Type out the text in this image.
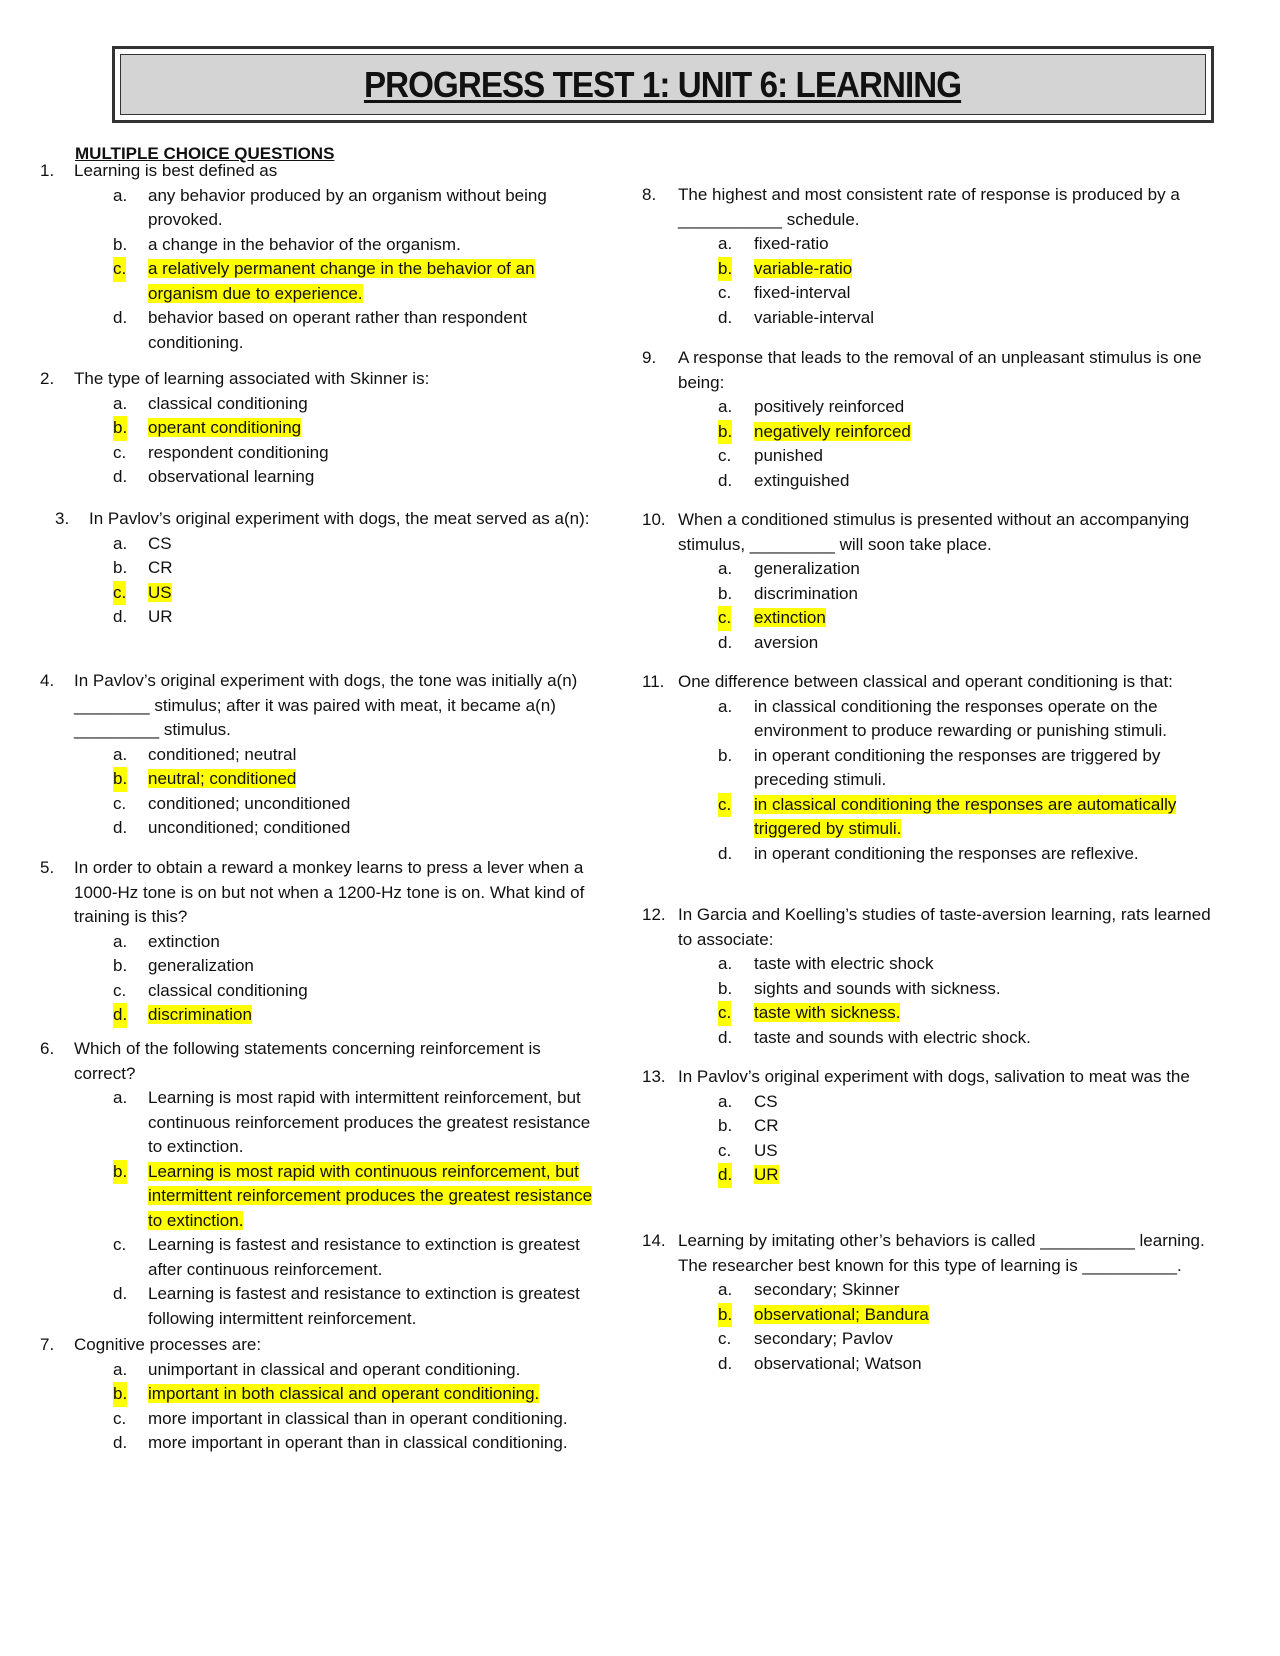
PROGRESS TEST 1: UNIT 6: LEARNING
MULTIPLE CHOICE QUESTIONS
1. Learning is best defined as
a. any behavior produced by an organism without being provoked.
b. a change in the behavior of the organism.
c. a relatively permanent change in the behavior of an organism due to experience.
d. behavior based on operant rather than respondent conditioning.
2. The type of learning associated with Skinner is:
a. classical conditioning
b. operant conditioning
c. respondent conditioning
d. observational learning
3. In Pavlov’s original experiment with dogs, the meat served as a(n):
a. CS
b. CR
c. US
d. UR
4. In Pavlov’s original experiment with dogs, the tone was initially a(n) ________ stimulus; after it was paired with meat, it became a(n) _________ stimulus.
a. conditioned; neutral
b. neutral; conditioned
c. conditioned; unconditioned
d. unconditioned; conditioned
5. In order to obtain a reward a monkey learns to press a lever when a 1000-Hz tone is on but not when a 1200-Hz tone is on. What kind of training is this?
a. extinction
b. generalization
c. classical conditioning
d. discrimination
6. Which of the following statements concerning reinforcement is correct?
a. Learning is most rapid with intermittent reinforcement, but continuous reinforcement produces the greatest resistance to extinction.
b. Learning is most rapid with continuous reinforcement, but intermittent reinforcement produces the greatest resistance to extinction.
c. Learning is fastest and resistance to extinction is greatest after continuous reinforcement.
d. Learning is fastest and resistance to extinction is greatest following intermittent reinforcement.
7. Cognitive processes are:
a. unimportant in classical and operant conditioning.
b. important in both classical and operant conditioning.
c. more important in classical than in operant conditioning.
d. more important in operant than in classical conditioning.
8. The highest and most consistent rate of response is produced by a ___________ schedule.
a. fixed-ratio
b. variable-ratio
c. fixed-interval
d. variable-interval
9. A response that leads to the removal of an unpleasant stimulus is one being:
a. positively reinforced
b. negatively reinforced
c. punished
d. extinguished
10. When a conditioned stimulus is presented without an accompanying stimulus, _________ will soon take place.
a. generalization
b. discrimination
c. extinction
d. aversion
11. One difference between classical and operant conditioning is that:
a. in classical conditioning the responses operate on the environment to produce rewarding or punishing stimuli.
b. in operant conditioning the responses are triggered by preceding stimuli.
c. in classical conditioning the responses are automatically triggered by stimuli.
d. in operant conditioning the responses are reflexive.
12. In Garcia and Koelling’s studies of taste-aversion learning, rats learned to associate:
a. taste with electric shock
b. sights and sounds with sickness.
c. taste with sickness.
d. taste and sounds with electric shock.
13. In Pavlov’s original experiment with dogs, salivation to meat was the
a. CS
b. CR
c. US
d. UR
14. Learning by imitating other’s behaviors is called __________ learning. The researcher best known for this type of learning is __________.
a. secondary; Skinner
b. observational; Bandura
c. secondary; Pavlov
d. observational; Watson
